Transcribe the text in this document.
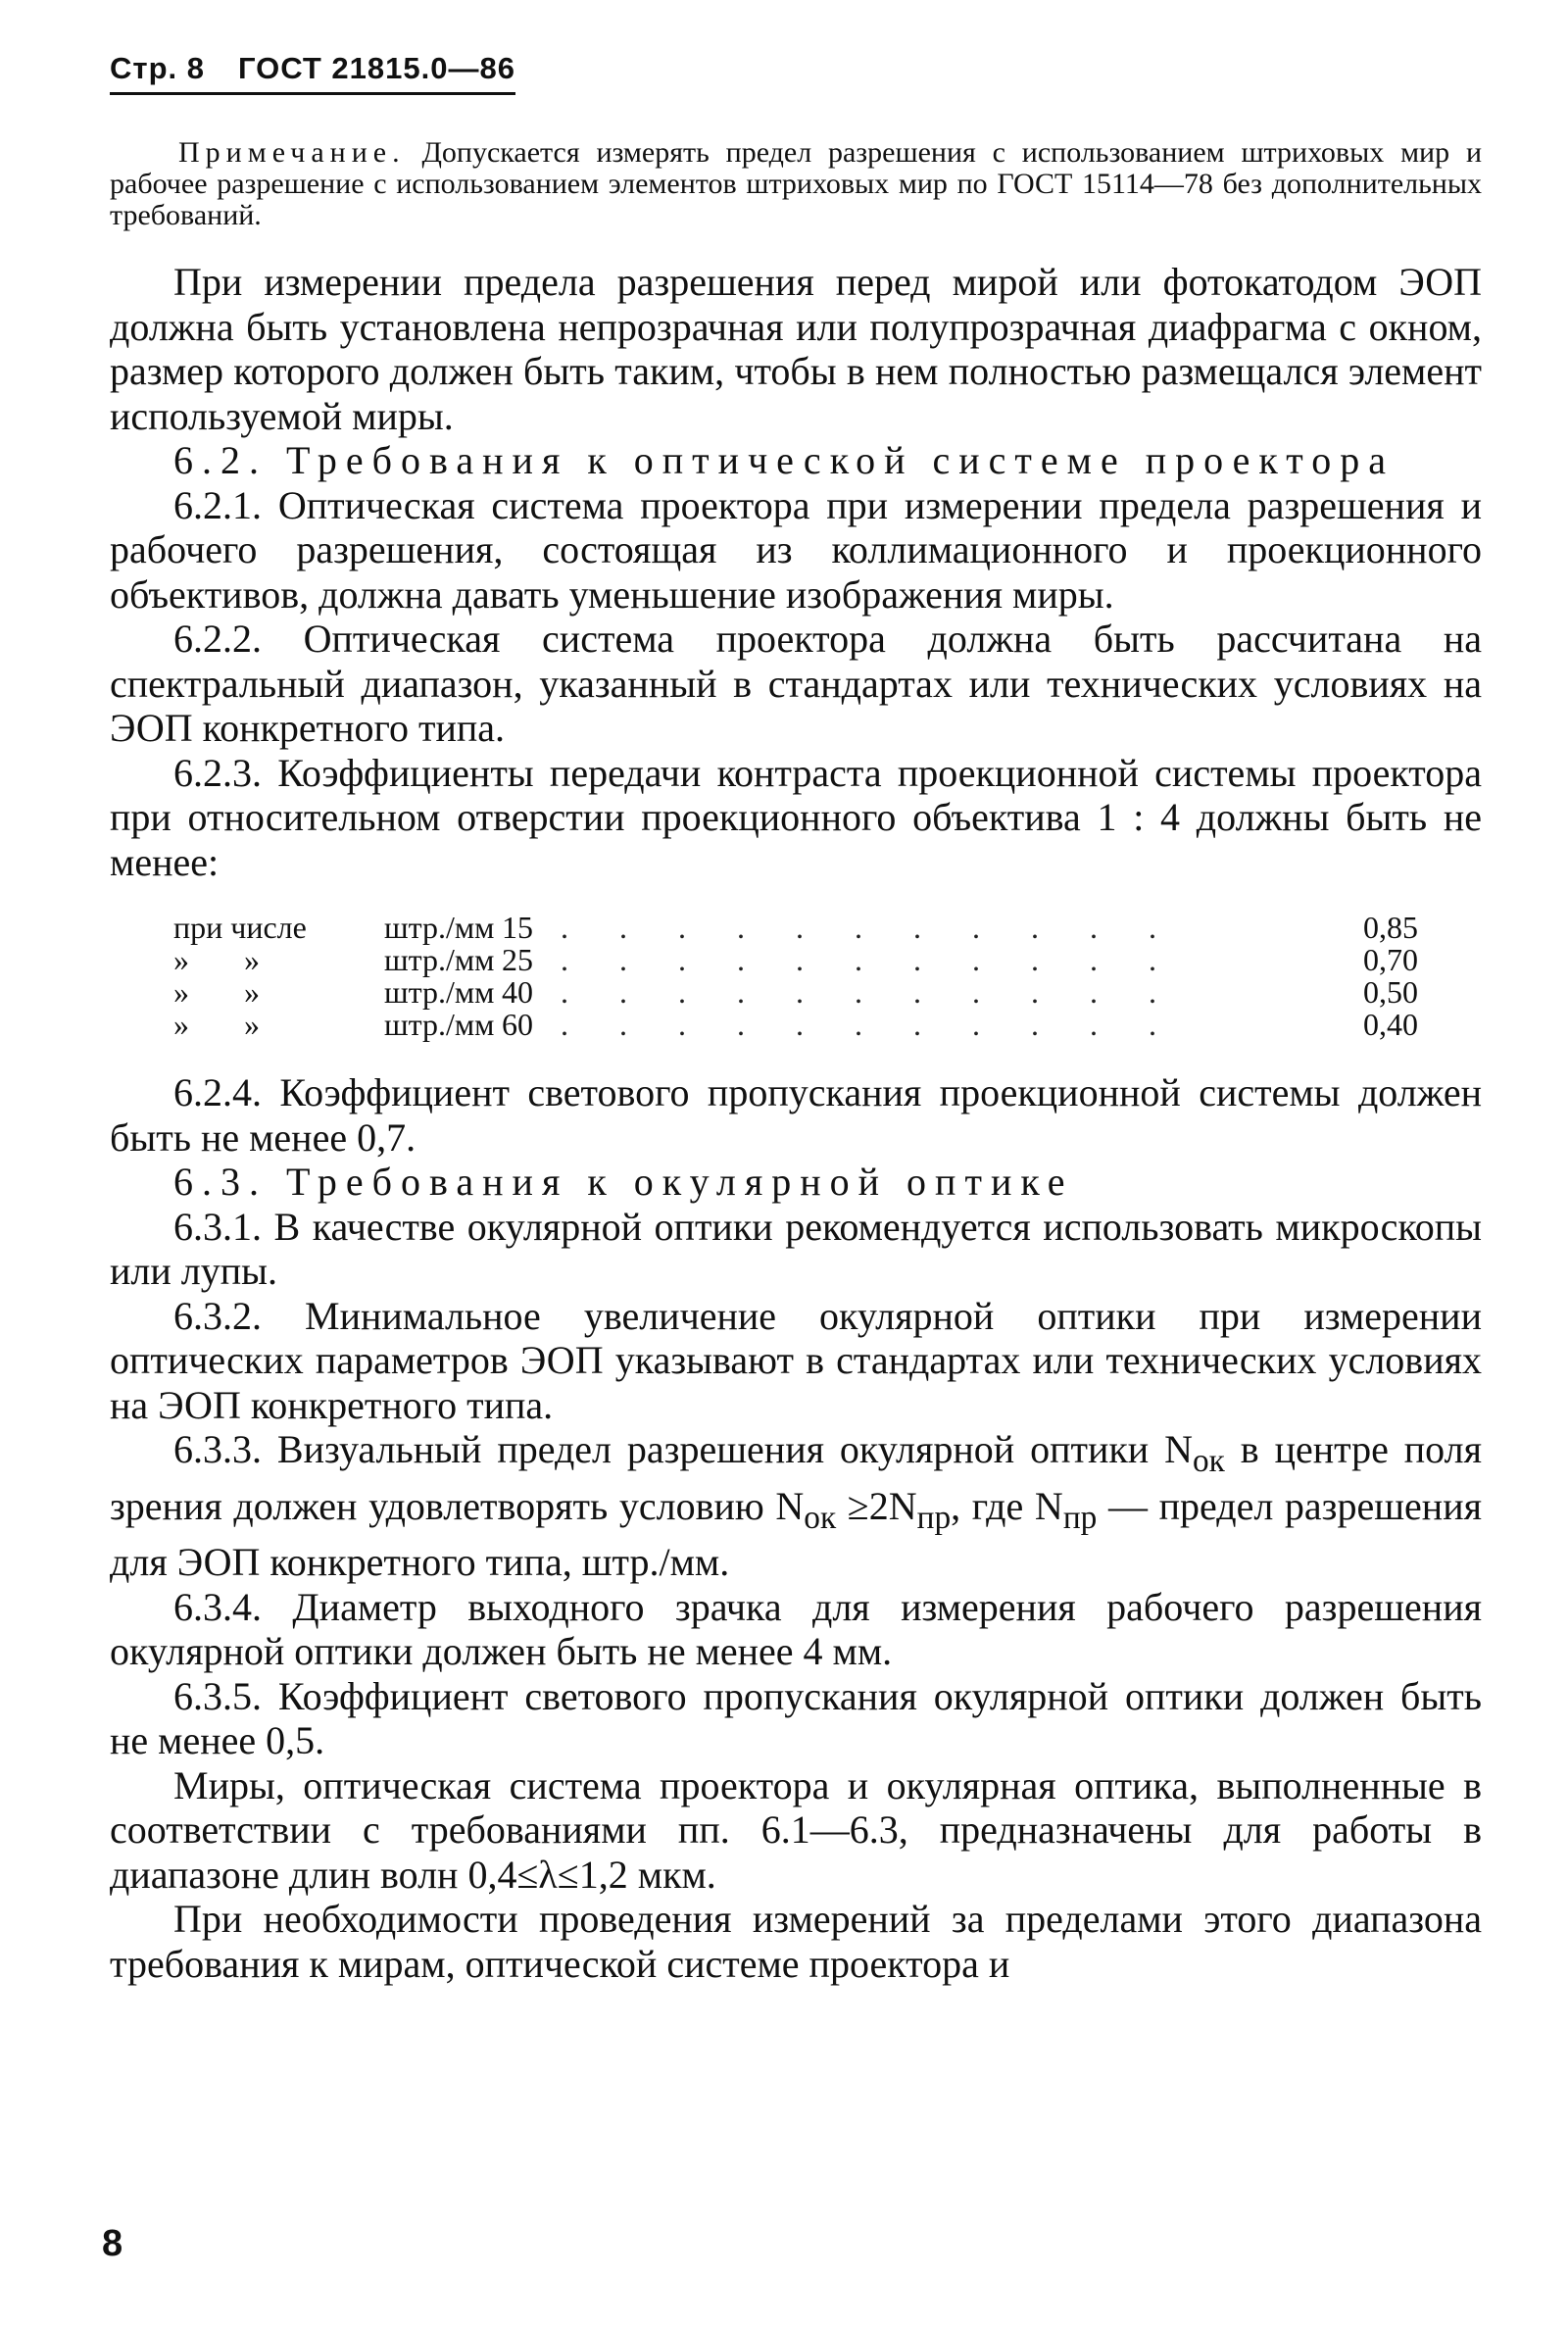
Стр. 8 ГОСТ 21815.0—86
Примечание. Допускается измерять предел разрешения с использованием штриховых мир и рабочее разрешение с использованием элементов штриховых мир по ГОСТ 15114—78 без дополнительных требований.

При измерении предела разрешения перед мирой или фотокатодом ЭОП должна быть установлена непрозрачная или полупрозрачная диафрагма с окном, размер которого должен быть таким, чтобы в нем полностью размещался элемент используемой миры.

6.2. Требования к оптической системе проектора

6.2.1. Оптическая система проектора при измерении предела разрешения и рабочего разрешения, состоящая из коллимационного и проекционного объективов, должна давать уменьшение изображения миры.

6.2.2. Оптическая система проектора должна быть рассчитана на спектральный диапазон, указанный в стандартах или технических условиях на ЭОП конкретного типа.

6.2.3. Коэффициенты передачи контраста проекционной системы проектора при относительном отверстии проекционного объектива 1 : 4 должны быть не менее:

при числе	штр./мм	15	. . . . . . . . . . .	0,85
»       »	штр./мм	25	. . . . . . . . . . .	0,70
»       »	штр./мм	40	. . . . . . . . . . .	0,50
»       »	штр./мм	60	. . . . . . . . . . .	0,40

6.2.4. Коэффициент светового пропускания проекционной системы должен быть не менее 0,7.

6.3. Требования к окулярной оптике

6.3.1. В качестве окулярной оптики рекомендуется использовать микроскопы или лупы.

6.3.2. Минимальное увеличение окулярной оптики при измерении оптических параметров ЭОП указывают в стандартах или технических условиях на ЭОП конкретного типа.

6.3.3. Визуальный предел разрешения окулярной оптики $N_{ок}$ в центре поля зрения должен удовлетворять условию $N_{ок} \ge 2N_{пр}$, где $N_{пр}$ — предел разрешения для ЭОП конкретного типа, штр./мм.

6.3.4. Диаметр выходного зрачка для измерения рабочего разрешения окулярной оптики должен быть не менее 4 мм.

6.3.5. Коэффициент светового пропускания окулярной оптики должен быть не менее 0,5.

Миры, оптическая система проектора и окулярная оптика, выполненные в соответствии с требованиями пп. 6.1—6.3, предназначены для работы в диапазоне длин волн 0,4≤λ≤1,2 мкм.

При необходимости проведения измерений за пределами этого диапазона требования к мирам, оптической системе проектора и

8
